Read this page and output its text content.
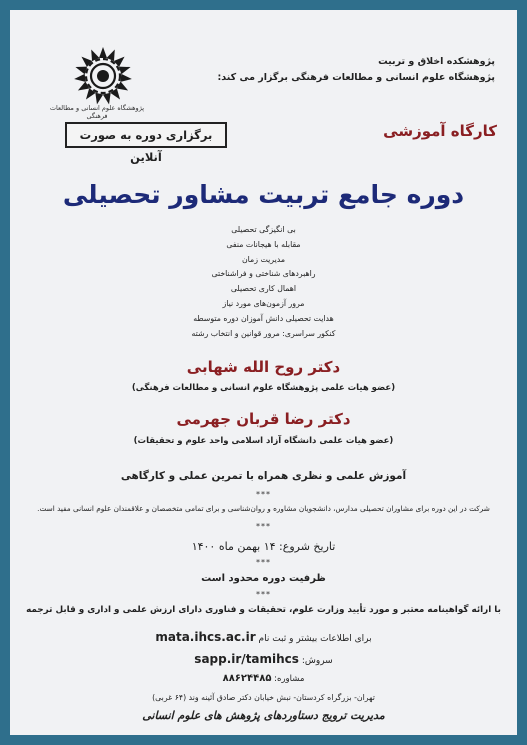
پژوهشگاه علوم انسانی و مطالعات فرهنگی
پژوهشکده اخلاق و تربیت
پژوهشگاه علوم انسانی و مطالعات فرهنگی برگزار می کند:
کارگاه آموزشی
برگزاری دوره به صورت آنلاین
دوره جامع تربیت مشاور تحصیلی
بی انگیزگی تحصیلی
مقابله با هیجانات منفی
مدیریت زمان
راهبردهای شناختی و فراشناختی
اهمال کاری تحصیلی
مرور آزمون‌های مورد نیاز
هدایت تحصیلی دانش آموزان دوره متوسطه
کنکور سراسری: مرور قوانین و انتخاب رشته
دکتر روح الله شهابی
(عضو هیات علمی پژوهشگاه علوم انسانی و مطالعات فرهنگی)
دکتر رضا قربان جهرمی
(عضو هیات علمی دانشگاه آزاد اسلامی واحد علوم و تحقیقات)
آموزش علمی و نظری همراه با تمرین عملی و کارگاهی
***
شرکت در این دوره برای مشاوران تحصیلی مدارس، دانشجویان مشاوره و روان‌شناسی و برای تمامی متخصصان و علاقمندان علوم انسانی مفید است.
***
تاریخ شروع: ۱۴ بهمن ماه ۱۴۰۰
***
ظرفیت دوره محدود است
***
با ارائه گواهینامه معتبر و مورد تأیید وزارت علوم، تحقیقات و فناوری دارای ارزش علمی و اداری و قابل ترجمه
برای اطلاعات بیشتر و ثبت نام mata.ihcs.ac.ir
سروش: sapp.ir/tamihcs
مشاوره: ۸۸۶۲۴۴۸۵
تهران- بزرگراه کردستان- نبش خیابان دکتر صادق آئینه وند (۶۴ غربی)
مدیریت ترویج دستاوردهای پژوهش های علوم انسانی
